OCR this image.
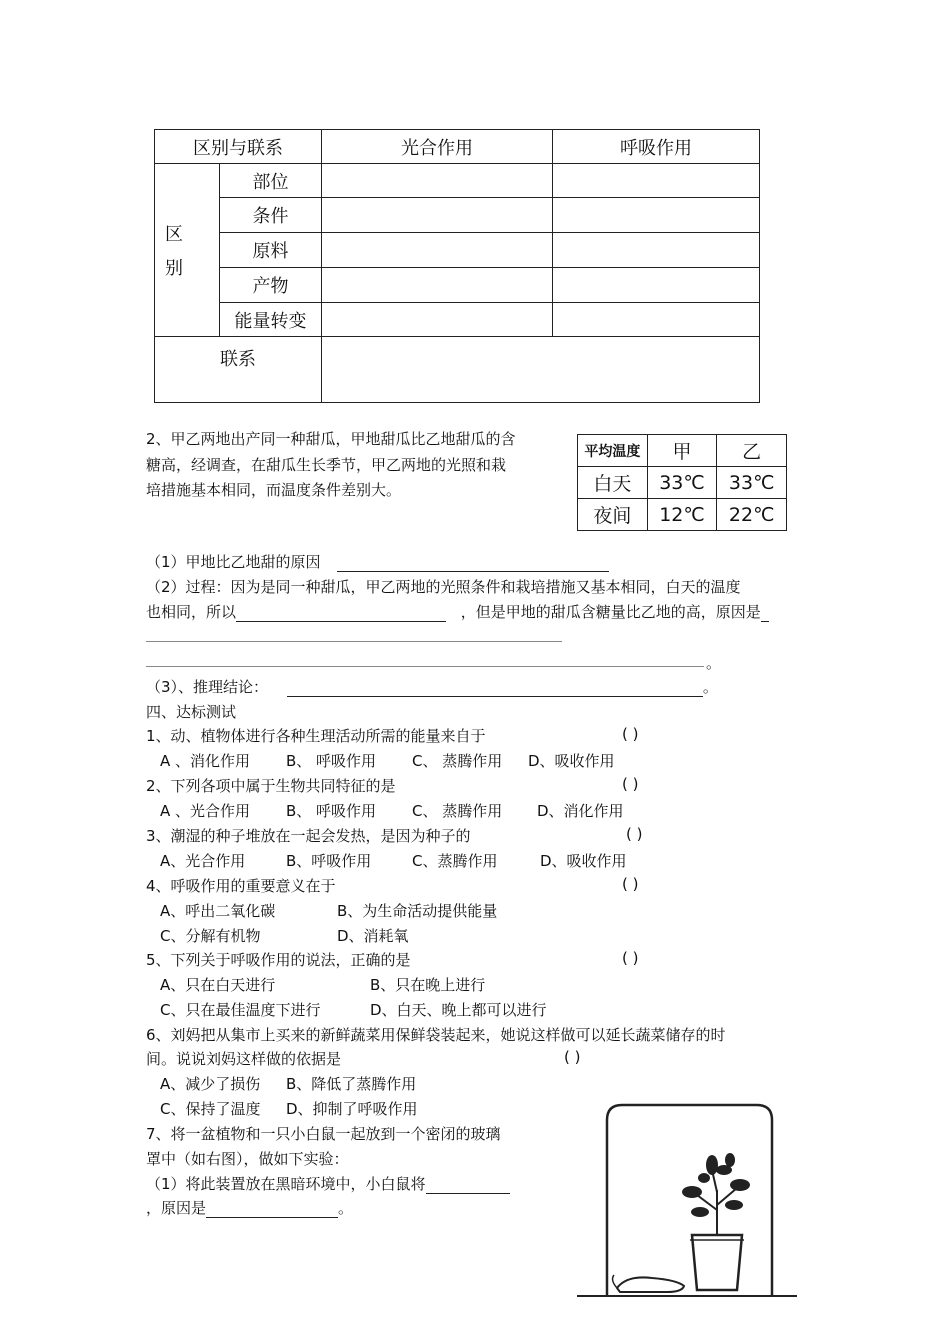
区别与联系		光合作用	呼吸作用

区
别	部位		
	条件		
	原料		
	产物		
	能量转变		
联系			
2、甲乙两地出产同一种甜瓜，甲地甜瓜比乙地甜瓜的含
糖高，经调查，在甜瓜生长季节，甲乙两地的光照和栽
培措施基本相同，而温度条件差别大。
平均温度	甲	乙
白天	33℃	33℃
夜间	12℃	22℃
（1）甲地比乙地甜的原因
（2）过程：因为是同一种甜瓜，甲乙两地的光照条件和栽培措施又基本相同，白天的温度
也相同，所以	，但是甲地的甜瓜含糖量比乙地的高，原因是
。
（3）、推理结论：	。
四、达标测试
1、动、植物体进行各种生理活动所需的能量来自于	( )
A 、消化作用 B、 呼吸作用 C、 蒸腾作用 D、吸收作用
2、下列各项中属于生物共同特征的是	( )
A 、光合作用 B、 呼吸作用 C、 蒸腾作用 D、消化作用
3、潮湿的种子堆放在一起会发热，是因为种子的	( )
A、光合作用	B、呼吸作用	C、蒸腾作用	D、吸收作用
4、呼吸作用的重要意义在于	( )
A、呼出二氧化碳	B、为生命活动提供能量
C、分解有机物	D、消耗氧
5、下列关于呼吸作用的说法，正确的是	( )
A、只在白天进行	B、只在晚上进行
C、只在最佳温度下进行	D、白天、晚上都可以进行
6、刘妈把从集市上买来的新鲜蔬菜用保鲜袋装起来，她说这样做可以延长蔬菜储存的时
间。说说刘妈这样做的依据是	( )
A、减少了损伤 B、降低了蒸腾作用
C、保持了温度 D、抑制了呼吸作用
7、将一盆植物和一只小白鼠一起放到一个密闭的玻璃
罩中（如右图），做如下实验：
（1）将此装置放在黑暗环境中，小白鼠将
，原因是	。
